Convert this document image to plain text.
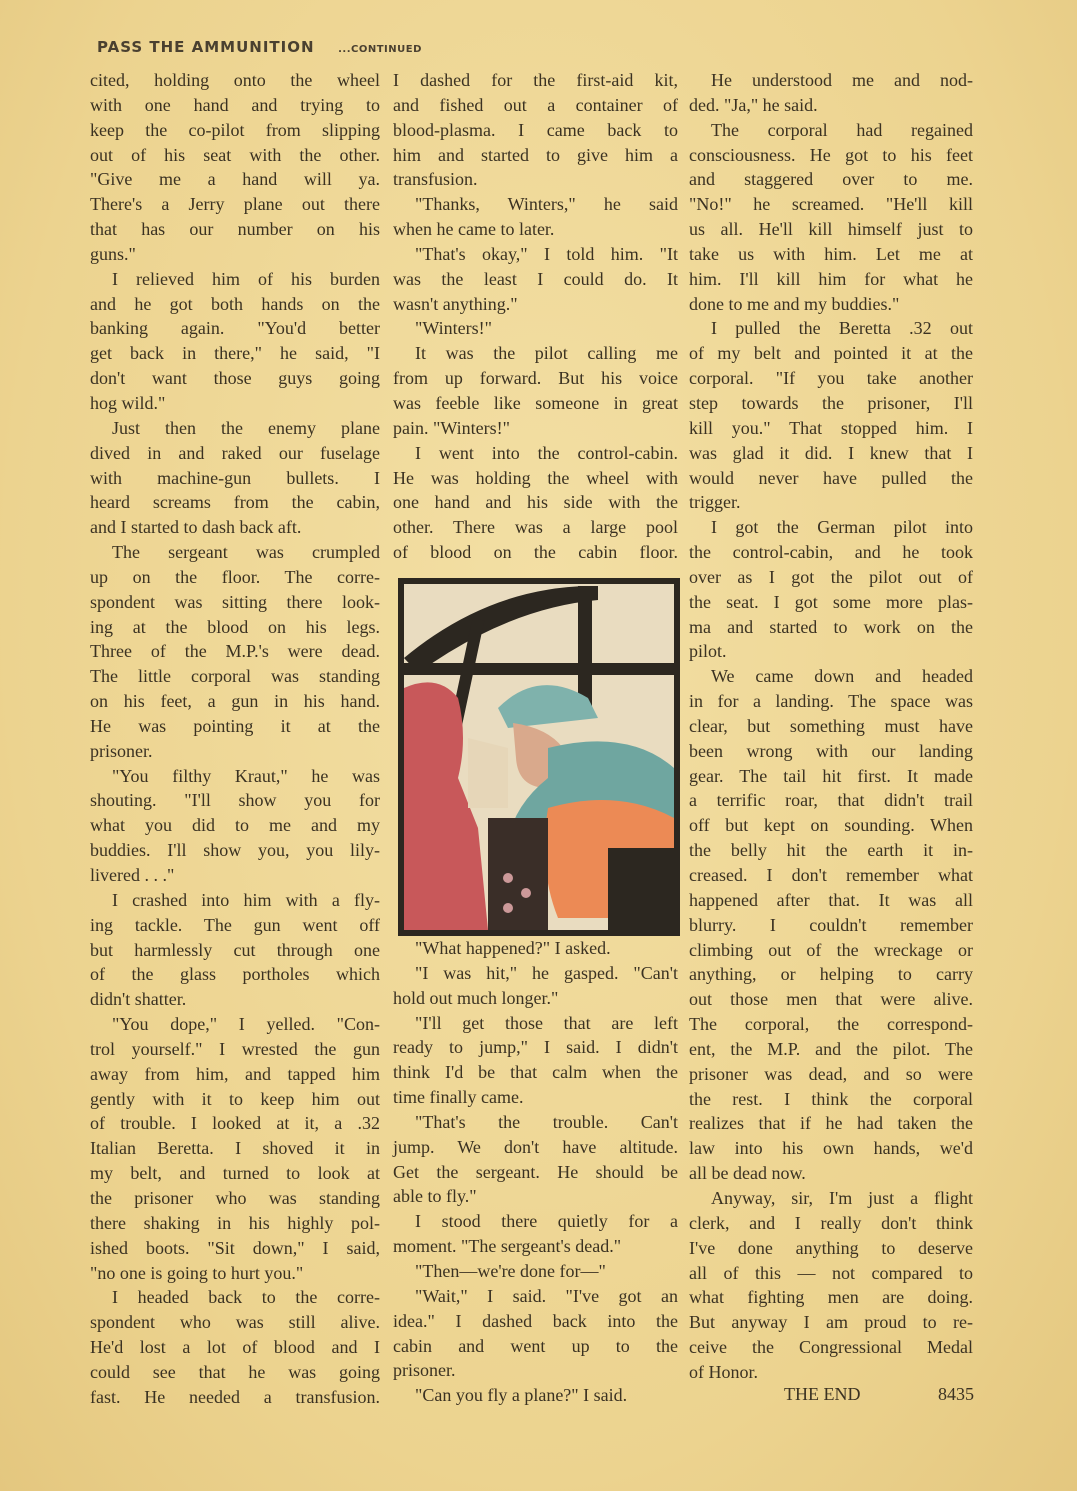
PASS THE AMMUNITION ...CONTINUED
cited, holding onto the wheel
with one hand and trying to
keep the co-pilot from slipping
out of his seat with the other.
"Give me a hand will ya.
There's a Jerry plane out there
that has our number on his
guns."
I relieved him of his burden
and he got both hands on the
banking again. "You'd better
get back in there," he said, "I
don't want those guys going
hog wild."
Just then the enemy plane
dived in and raked our fuselage
with machine-gun bullets. I
heard screams from the cabin,
and I started to dash back aft.
The sergeant was crumpled
up on the floor. The corre-
spondent was sitting there look-
ing at the blood on his legs.
Three of the M.P.'s were dead.
The little corporal was standing
on his feet, a gun in his hand.
He was pointing it at the
prisoner.
"You filthy Kraut," he was
shouting. "I'll show you for
what you did to me and my
buddies. I'll show you, you lily-
livered . . ."
I crashed into him with a fly-
ing tackle. The gun went off
but harmlessly cut through one
of the glass portholes which
didn't shatter.
"You dope," I yelled. "Con-
trol yourself." I wrested the gun
away from him, and tapped him
gently with it to keep him out
of trouble. I looked at it, a .32
Italian Beretta. I shoved it in
my belt, and turned to look at
the prisoner who was standing
there shaking in his highly pol-
ished boots. "Sit down," I said,
"no one is going to hurt you."
I headed back to the corre-
spondent who was still alive.
He'd lost a lot of blood and I
could see that he was going
fast. He needed a transfusion.
I dashed for the first-aid kit,
and fished out a container of
blood-plasma. I came back to
him and started to give him a
transfusion.
"Thanks, Winters," he said
when he came to later.
"That's okay," I told him. "It
was the least I could do. It
wasn't anything."
"Winters!"
It was the pilot calling me
from up forward. But his voice
was feeble like someone in great
pain. "Winters!"
I went into the control-cabin.
He was holding the wheel with
one hand and his side with the
other. There was a large pool
of blood on the cabin floor.
"What happened?" I asked.
"I was hit," he gasped. "Can't
hold out much longer."
"I'll get those that are left
ready to jump," I said. I didn't
think I'd be that calm when the
time finally came.
"That's the trouble. Can't
jump. We don't have altitude.
Get the sergeant. He should be
able to fly."
I stood there quietly for a
moment. "The sergeant's dead."
"Then—we're done for—"
"Wait," I said. "I've got an
idea." I dashed back into the
cabin and went up to the
prisoner.
"Can you fly a plane?" I said.
He understood me and nod-
ded. "Ja," he said.
The corporal had regained
consciousness. He got to his feet
and staggered over to me.
"No!" he screamed. "He'll kill
us all. He'll kill himself just to
take us with him. Let me at
him. I'll kill him for what he
done to me and my buddies."
I pulled the Beretta .32 out
of my belt and pointed it at the
corporal. "If you take another
step towards the prisoner, I'll
kill you." That stopped him. I
was glad it did. I knew that I
would never have pulled the
trigger.
I got the German pilot into
the control-cabin, and he took
over as I got the pilot out of
the seat. I got some more plas-
ma and started to work on the
pilot.
We came down and headed
in for a landing. The space was
clear, but something must have
been wrong with our landing
gear. The tail hit first. It made
a terrific roar, that didn't trail
off but kept on sounding. When
the belly hit the earth it in-
creased. I don't remember what
happened after that. It was all
blurry. I couldn't remember
climbing out of the wreckage or
anything, or helping to carry
out those men that were alive.
The corporal, the correspond-
ent, the M.P. and the pilot. The
prisoner was dead, and so were
the rest. I think the corporal
realizes that if he had taken the
law into his own hands, we'd
all be dead now.
Anyway, sir, I'm just a flight
clerk, and I really don't think
I've done anything to deserve
all of this — not compared to
what fighting men are doing.
But anyway I am proud to re-
ceive the Congressional Medal
of Honor.
THE END	8435
